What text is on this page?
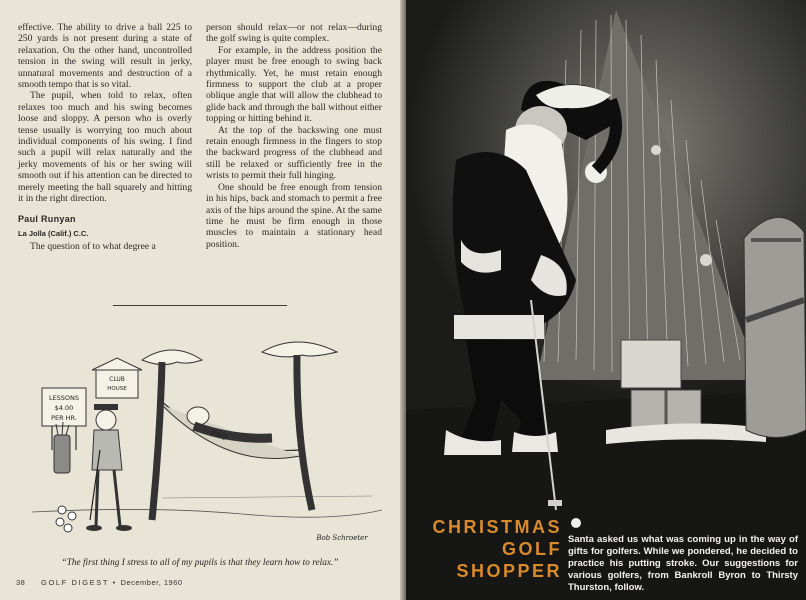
effective. The ability to drive a ball 225 to 250 yards is not present during a state of relaxation. On the other hand, uncontrolled tension in the swing will result in jerky, unnatural movements and destruction of a smooth tempo that is so vital.

The pupil, when told to relax, often relaxes too much and his swing becomes loose and sloppy. A person who is overly tense usually is worrying too much about individual components of his swing. I find such a pupil will relax naturally and the jerky movements of his or her swing will smooth out if his attention can be directed to merely meeting the ball squarely and hitting it in the right direction.

Paul Runyan
La Jolla (Calif.) C.C.

The question of to what degree a

person should relax—or not relax—during the golf swing is quite complex.

For example, in the address position the player must be free enough to swing back rhythmically. Yet, he must retain enough firmness to support the club at a proper oblique angle that will allow the clubhead to glide back and through the ball without either topping or hitting behind it.

At the top of the backswing one must retain enough firmness in the fingers to stop the backward progress of the clubhead and still be relaxed or sufficiently free in the wrists to permit their full hinging.

One should be free enough from tension in his hips, back and stomach to permit a free axis of the hips around the spine. At the same time he must be firm enough in those muscles to maintain a stationary head position.

LESSONS
$4.00
PER HR.
CLUB
HOUSE
PRO
Bob Schroeter
“The first thing I stress to all of my pupils is that they learn how to relax.”
38 GOLF DIGEST • December, 1960
CHRISTMAS
GOLF
SHOPPER
Santa asked us what was coming up in the way of gifts for golfers. While we pondered, he decided to practice his putting stroke. Our suggestions for various golfers, from Bankroll Byron to Thirsty Thurston, follow.
